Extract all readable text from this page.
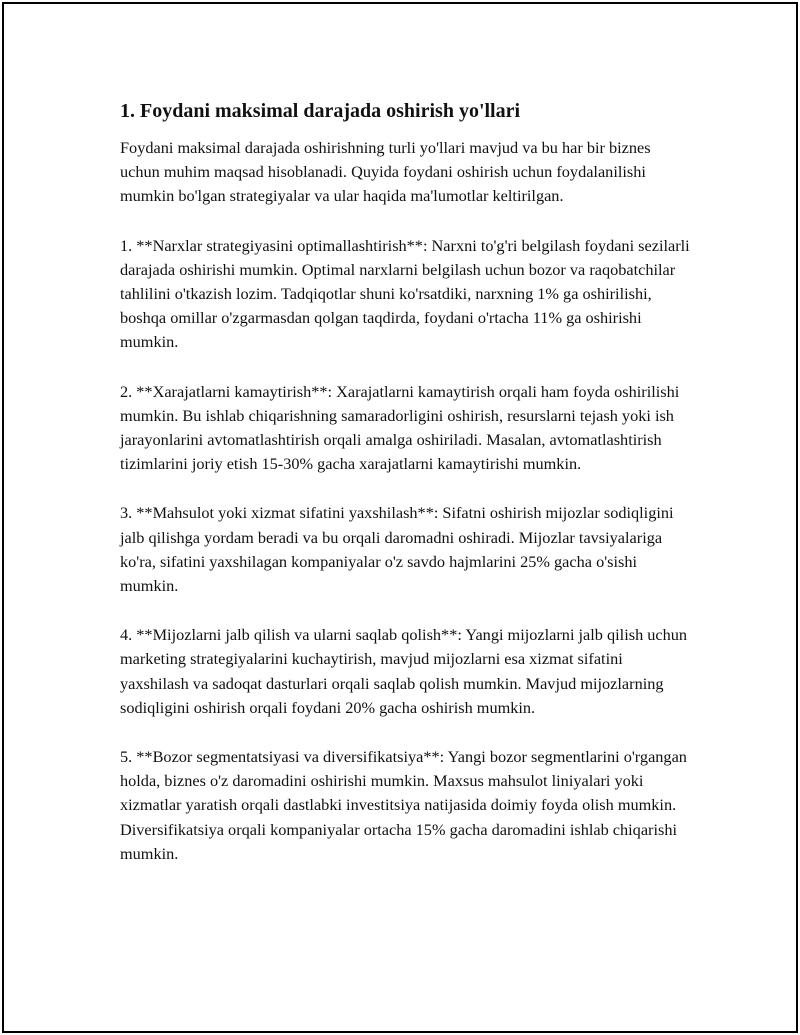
1. Foydani maksimal darajada oshirish yo'llari

Foydani maksimal darajada oshirishning turli yo'llari mavjud va bu har bir biznes uchun muhim maqsad hisoblanadi. Quyida foydani oshirish uchun foydalanilishi mumkin bo'lgan strategiyalar va ular haqida ma'lumotlar keltirilgan.

1. **Narxlar strategiyasini optimallashtirish**: Narxni to'g'ri belgilash foydani sezilarli darajada oshirishi mumkin. Optimal narxlarni belgilash uchun bozor va raqobatchilar tahlilini o'tkazish lozim. Tadqiqotlar shuni ko'rsatdiki, narxning 1% ga oshirilishi, boshqa omillar o'zgarmasdan qolgan taqdirda, foydani o'rtacha 11% ga oshirishi mumkin.

2. **Xarajatlarni kamaytirish**: Xarajatlarni kamaytirish orqali ham foyda oshirilishi mumkin. Bu ishlab chiqarishning samaradorligini oshirish, resurslarni tejash yoki ish jarayonlarini avtomatlashtirish orqali amalga oshiriladi. Masalan, avtomatlashtirish tizimlarini joriy etish 15-30% gacha xarajatlarni kamaytirishi mumkin.

3. **Mahsulot yoki xizmat sifatini yaxshilash**: Sifatni oshirish mijozlar sodiqligini jalb qilishga yordam beradi va bu orqali daromadni oshiradi. Mijozlar tavsiyalariga ko'ra, sifatini yaxshilagan kompaniyalar o'z savdo hajmlarini 25% gacha o'sishi mumkin.

4. **Mijozlarni jalb qilish va ularni saqlab qolish**: Yangi mijozlarni jalb qilish uchun marketing strategiyalarini kuchaytirish, mavjud mijozlarni esa xizmat sifatini yaxshilash va sadoqat dasturlari orqali saqlab qolish mumkin. Mavjud mijozlarning sodiqligini oshirish orqali foydani 20% gacha oshirish mumkin.

5. **Bozor segmentatsiyasi va diversifikatsiya**: Yangi bozor segmentlarini o'rgangan holda, biznes o'z daromadini oshirishi mumkin. Maxsus mahsulot liniyalari yoki xizmatlar yaratish orqali dastlabki investitsiya natijasida doimiy foyda olish mumkin. Diversifikatsiya orqali kompaniyalar ortacha 15% gacha daromadini ishlab chiqarishi mumkin.
